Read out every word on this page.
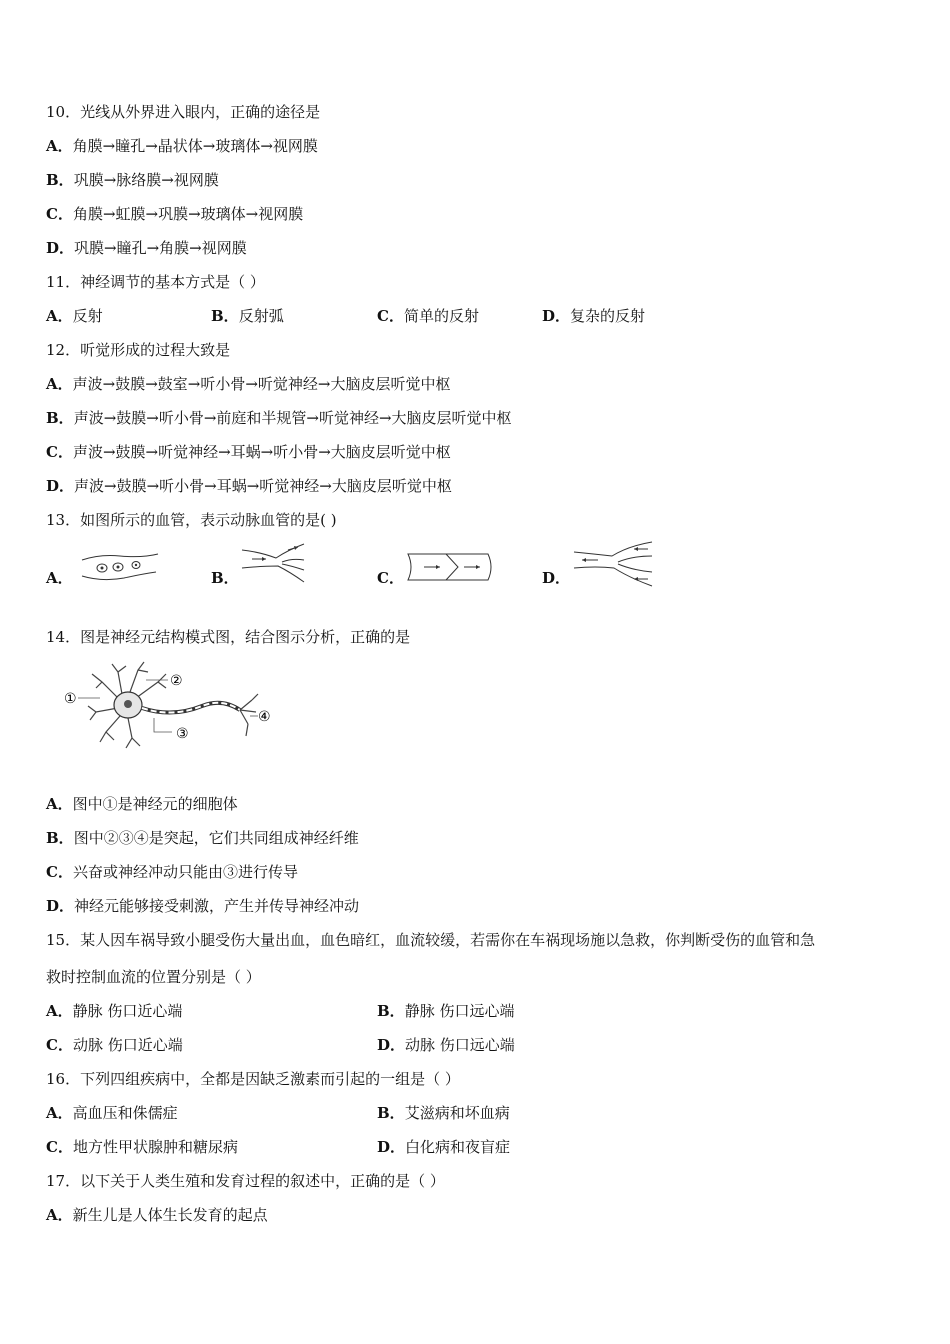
10．光线从外界进入眼内，正确的途径是
A．角膜→瞳孔→晶状体→玻璃体→视网膜
B．巩膜→脉络膜→视网膜
C．角膜→虹膜→巩膜→玻璃体→视网膜
D．巩膜→瞳孔→角膜→视网膜
11．神经调节的基本方式是（ ）
A．反射	B．反射弧	C．简单的反射	D．复杂的反射
12．听觉形成的过程大致是
A．声波→鼓膜→鼓室→听小骨→听觉神经→大脑皮层听觉中枢
B．声波→鼓膜→听小骨→前庭和半规管→听觉神经→大脑皮层听觉中枢
C．声波→鼓膜→听觉神经→耳蜗→听小骨→大脑皮层听觉中枢
D．声波→鼓膜→听小骨→耳蜗→听觉神经→大脑皮层听觉中枢
13．如图所示的血管，表示动脉血管的是( )
A．	B．	C．	D．
14．图是神经元结构模式图，结合图示分析，正确的是
①
②
③
④
A．图中①是神经元的细胞体
B．图中②③④是突起，它们共同组成神经纤维
C．兴奋或神经冲动只能由③进行传导
D．神经元能够接受刺激，产生并传导神经冲动
15．某人因车祸导致小腿受伤大量出血，血色暗红，血流较缓，若需你在车祸现场施以急救，你判断受伤的血管和急
救时控制血流的位置分别是（ ）
A．静脉 伤口近心端	B．静脉 伤口远心端
C．动脉 伤口近心端	D．动脉 伤口远心端
16．下列四组疾病中，全都是因缺乏激素而引起的一组是（ ）
A．高血压和侏儒症	B．艾滋病和坏血病
C．地方性甲状腺肿和糖尿病	D．白化病和夜盲症
17．以下关于人类生殖和发育过程的叙述中，正确的是（ ）
A．新生儿是人体生长发育的起点
